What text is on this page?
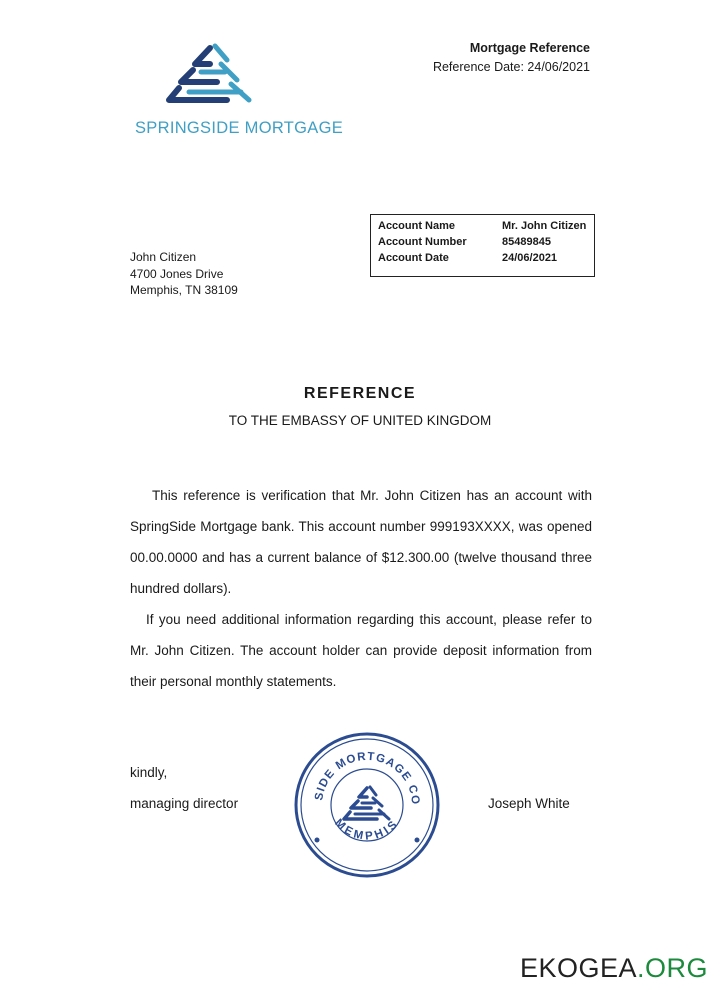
SPRINGSIDE MORTGAGE
Mortgage Reference
Reference Date: 24/06/2021
Account Name	Mr. John Citizen
Account Number	85489845
Account Date	24/06/2021
John Citizen
4700 Jones Drive
Memphis, TN 38109
REFERENCE
TO THE EMBASSY OF UNITED KINGDOM

This reference is verification that Mr. John Citizen has an account with SpringSide Mortgage bank. This account number 999193XXXX, was opened 00.00.0000 and has a current balance of $12.300.00 (twelve thousand three hundred dollars).

If you need additional information regarding this account, please refer to Mr. John Citizen. The account holder can provide deposit information from their personal monthly statements.

kindly,
managing director	Joseph White
SIDE MORTGAGE CO
MEMPHIS
EKOGEA.ORG
